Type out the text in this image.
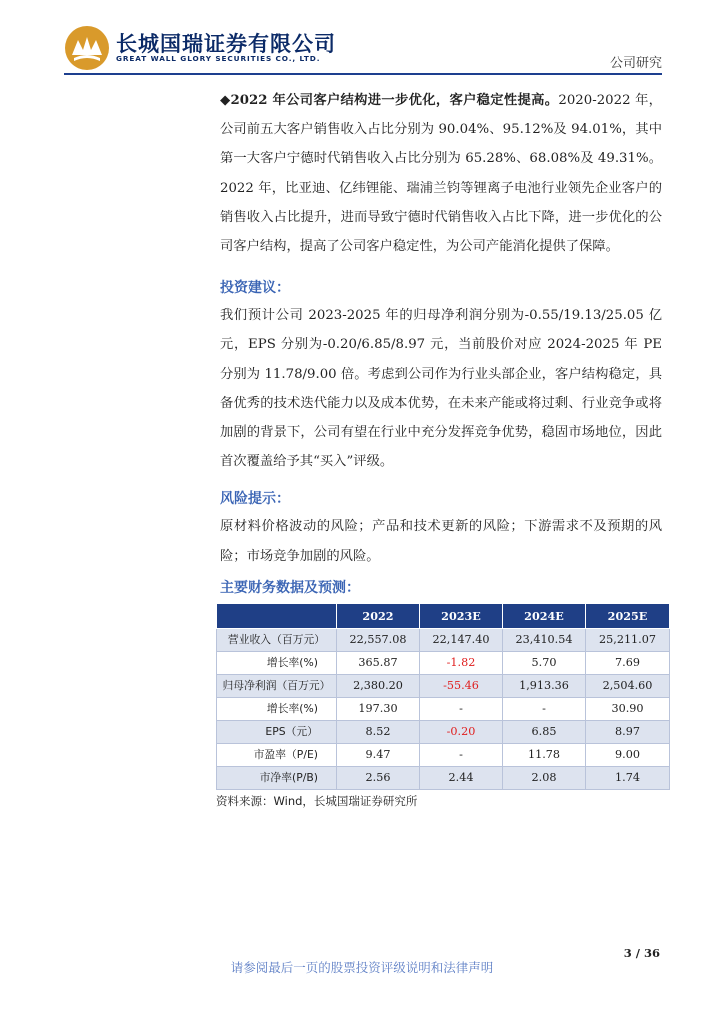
长城国瑞证券有限公司
GREAT WALL GLORY SECURITIES CO., LTD.	公司研究

◆2022 年公司客户结构进一步优化，客户稳定性提高。2020-2022 年，公司前五大客户销售收入占比分别为 90.04%、95.12%及 94.01%，其中第一大客户宁德时代销售收入占比分别为 65.28%、68.08%及 49.31%。2022 年，比亚迪、亿纬锂能、瑞浦兰钧等锂离子电池行业领先企业客户的销售收入占比提升，进而导致宁德时代销售收入占比下降，进一步优化的公司客户结构，提高了公司客户稳定性，为公司产能消化提供了保障。

投资建议：

我们预计公司 2023-2025 年的归母净利润分别为-0.55/19.13/25.05 亿元，EPS 分别为-0.20/6.85/8.97 元，当前股价对应 2024-2025 年 PE 分别为 11.78/9.00 倍。考虑到公司作为行业头部企业，客户结构稳定，具备优秀的技术迭代能力以及成本优势，在未来产能或将过剩、行业竞争或将加剧的背景下，公司有望在行业中充分发挥竞争优势，稳固市场地位，因此首次覆盖给予其“买入”评级。

风险提示：

原材料价格波动的风险；产品和技术更新的风险；下游需求不及预期的风险；市场竞争加剧的风险。

主要财务数据及预测：
	2022	2023E	2024E	2025E
营业收入（百万元）	22,557.08	22,147.40	23,410.54	25,211.07
增长率(%)	365.87	-1.82	5.70	7.69
归母净利润（百万元）	2,380.20	-55.46	1,913.36	2,504.60
增长率(%)	197.30	-	-	30.90
EPS（元）	8.52	-0.20	6.85	8.97
市盈率（P/E)	9.47	-	11.78	9.00
市净率(P/B)	2.56	2.44	2.08	1.74
资料来源：Wind，长城国瑞证券研究所
3 / 36
请参阅最后一页的股票投资评级说明和法律声明
